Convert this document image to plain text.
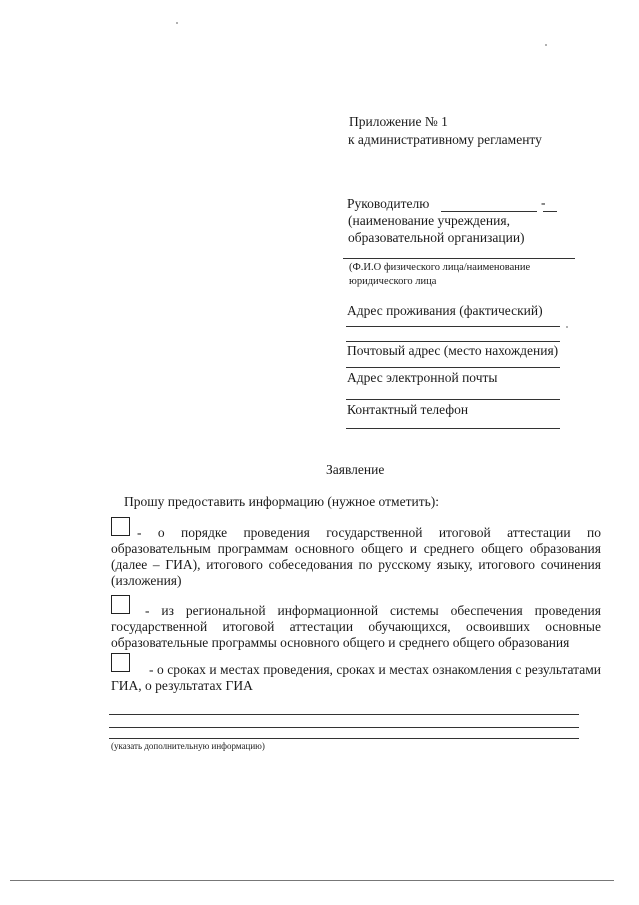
Приложение № 1
к административному регламенту
Руководителю	-
(наименование учреждения,
образовательной организации)
(Ф.И.О физического лица/наименование
юридического лица
Адрес проживания (фактический)
Почтовый адрес (место нахождения)
Адрес электронной почты
Контактный телефон
Заявление
Прошу предоставить информацию (нужное отметить):
- о порядке проведения государственной итоговой аттестации по образовательным программам основного общего и среднего общего образования (далее – ГИА), итогового собеседования по русскому языку, итогового сочинения (изложения)
- из региональной информационной системы обеспечения проведения государственной итоговой аттестации обучающихся, освоивших основные образовательные программы основного общего и среднего общего образования
- о сроках и местах проведения, сроках и местах ознакомления с результатами ГИА, о результатах ГИА
(указать дополнительную информацию)
